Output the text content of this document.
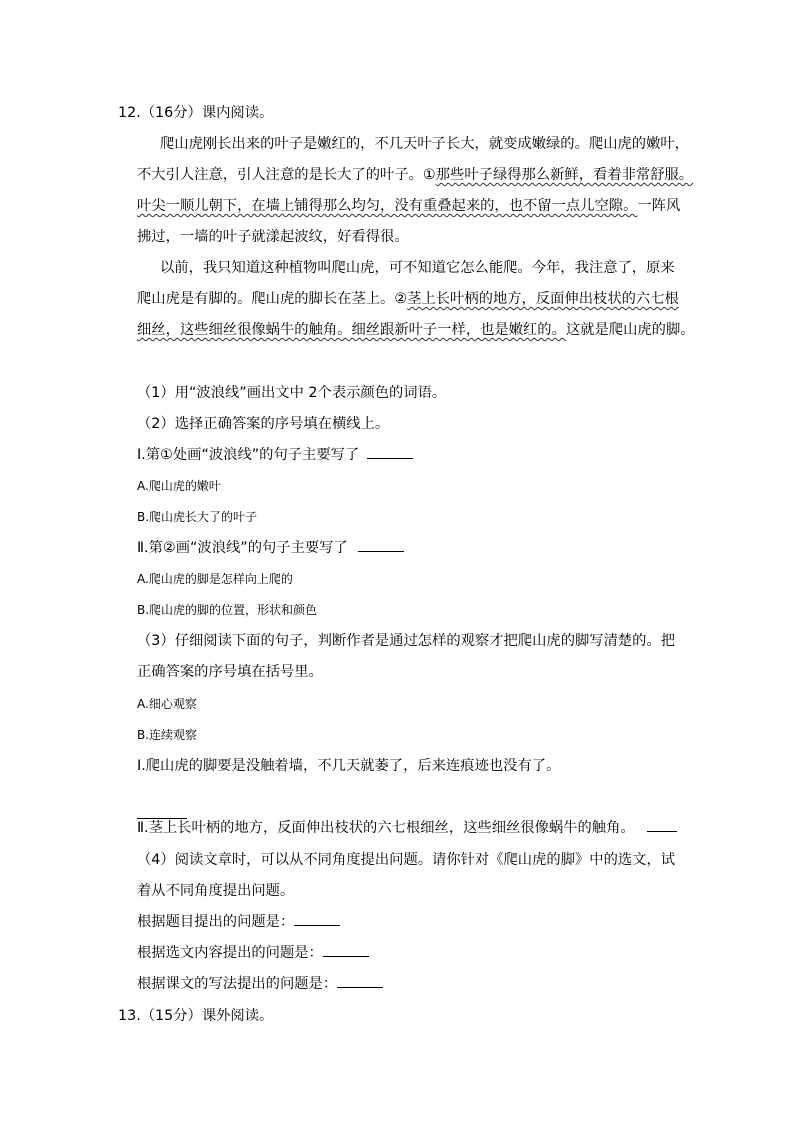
12.（16分）课内阅读。
爬山虎刚长出来的叶子是嫩红的，不几天叶子长大，就变成嫩绿的。爬山虎的嫩叶，
不大引人注意，引人注意的是长大了的叶子。①那些叶子绿得那么新鲜，看着非常舒服。
叶尖一顺儿朝下，在墙上铺得那么均匀，没有重叠起来的，也不留一点儿空隙。一阵风
拂过，一墙的叶子就漾起波纹，好看得很。
以前，我只知道这种植物叫爬山虎，可不知道它怎么能爬。今年，我注意了，原来
爬山虎是有脚的。爬山虎的脚长在茎上。②茎上长叶柄的地方，反面伸出枝状的六七根
细丝，这些细丝很像蜗牛的触角。细丝跟新叶子一样，也是嫩红的。这就是爬山虎的脚。
（1）用“波浪线”画出文中 2个表示颜色的词语。
（2）选择正确答案的序号填在横线上。
Ⅰ.第①处画“波浪线”的句子主要写了
A.爬山虎的嫩叶
B.爬山虎长大了的叶子
Ⅱ.第②画“波浪线”的句子主要写了
A.爬山虎的脚是怎样向上爬的
B.爬山虎的脚的位置，形状和颜色
（3）仔细阅读下面的句子，判断作者是通过怎样的观察才把爬山虎的脚写清楚的。把
正确答案的序号填在括号里。
A.细心观察
B.连续观察
Ⅰ.爬山虎的脚要是没触着墙，不几天就萎了，后来连痕迹也没有了。
Ⅱ.茎上长叶柄的地方，反面伸出枝状的六七根细丝，这些细丝很像蜗牛的触角。
（4）阅读文章时，可以从不同角度提出问题。请你针对《爬山虎的脚》中的选文，试
着从不同角度提出问题。
根据题目提出的问题是：
根据选文内容提出的问题是：
根据课文的写法提出的问题是：
13.（15分）课外阅读。
